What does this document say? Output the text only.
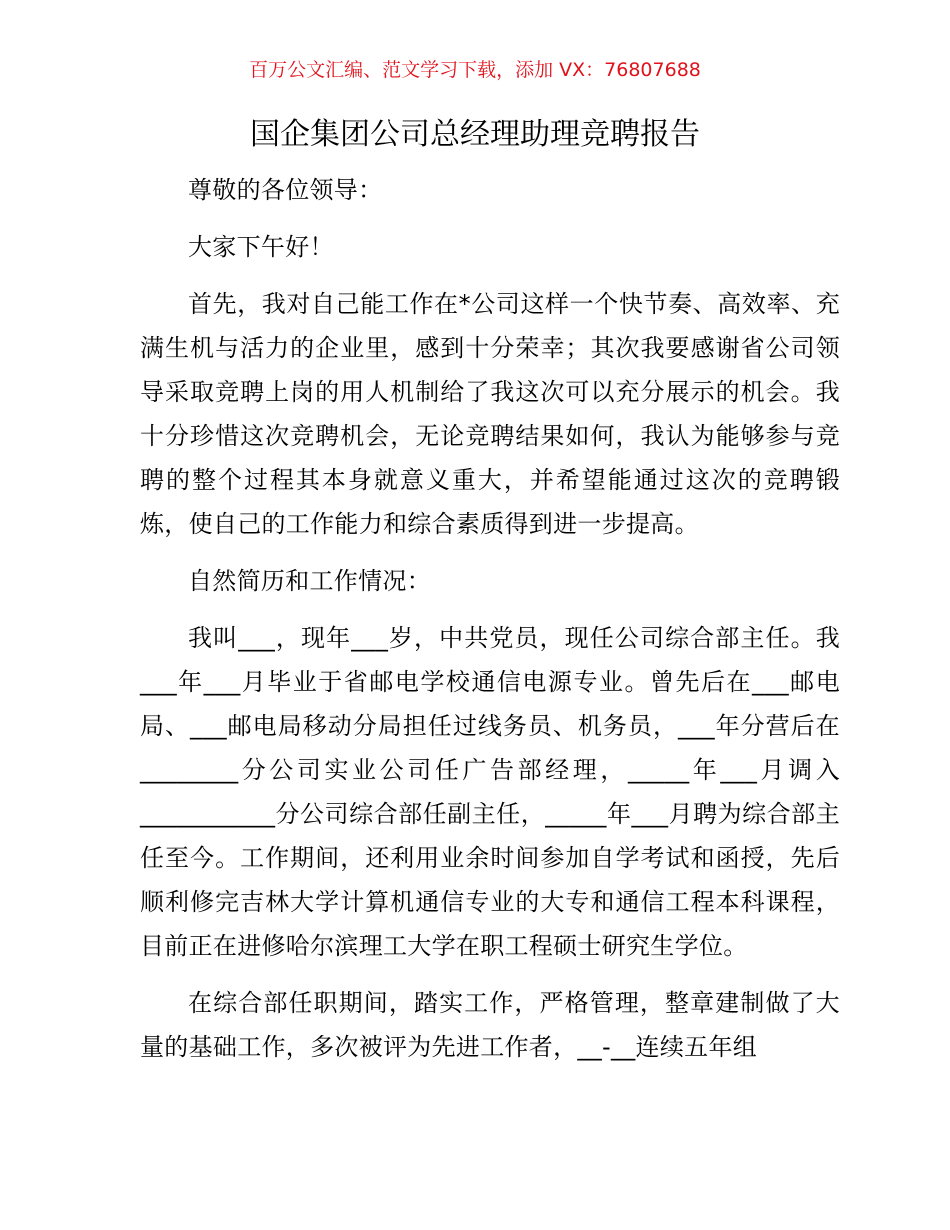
百万公文汇编、范文学习下载，添加 VX：76807688
国企集团公司总经理助理竞聘报告

尊敬的各位领导：

大家下午好！

首先，我对自己能工作在*公司这样一个快节奏、高效率、充满生机与活力的企业里，感到十分荣幸；其次我要感谢省公司领导采取竞聘上岗的用人机制给了我这次可以充分展示的机会。我十分珍惜这次竞聘机会，无论竞聘结果如何，我认为能够参与竞聘的整个过程其本身就意义重大，并希望能通过这次的竞聘锻炼，使自己的工作能力和综合素质得到进一步提高。

自然简历和工作情况：

我叫___，现年___岁，中共党员，现任公司综合部主任。我___年___月毕业于省邮电学校通信电源专业。曾先后在___邮电局、___邮电局移动分局担任过线务员、机务员，___年分营后在________分公司实业公司任广告部经理，_____年___月调入___________分公司综合部任副主任，_____年___月聘为综合部主任至今。工作期间，还利用业余时间参加自学考试和函授，先后顺利修完吉林大学计算机通信专业的大专和通信工程本科课程，目前正在进修哈尔滨理工大学在职工程硕士研究生学位。

在综合部任职期间，踏实工作，严格管理，整章建制做了大量的基础工作，多次被评为先进工作者，__-__连续五年组
